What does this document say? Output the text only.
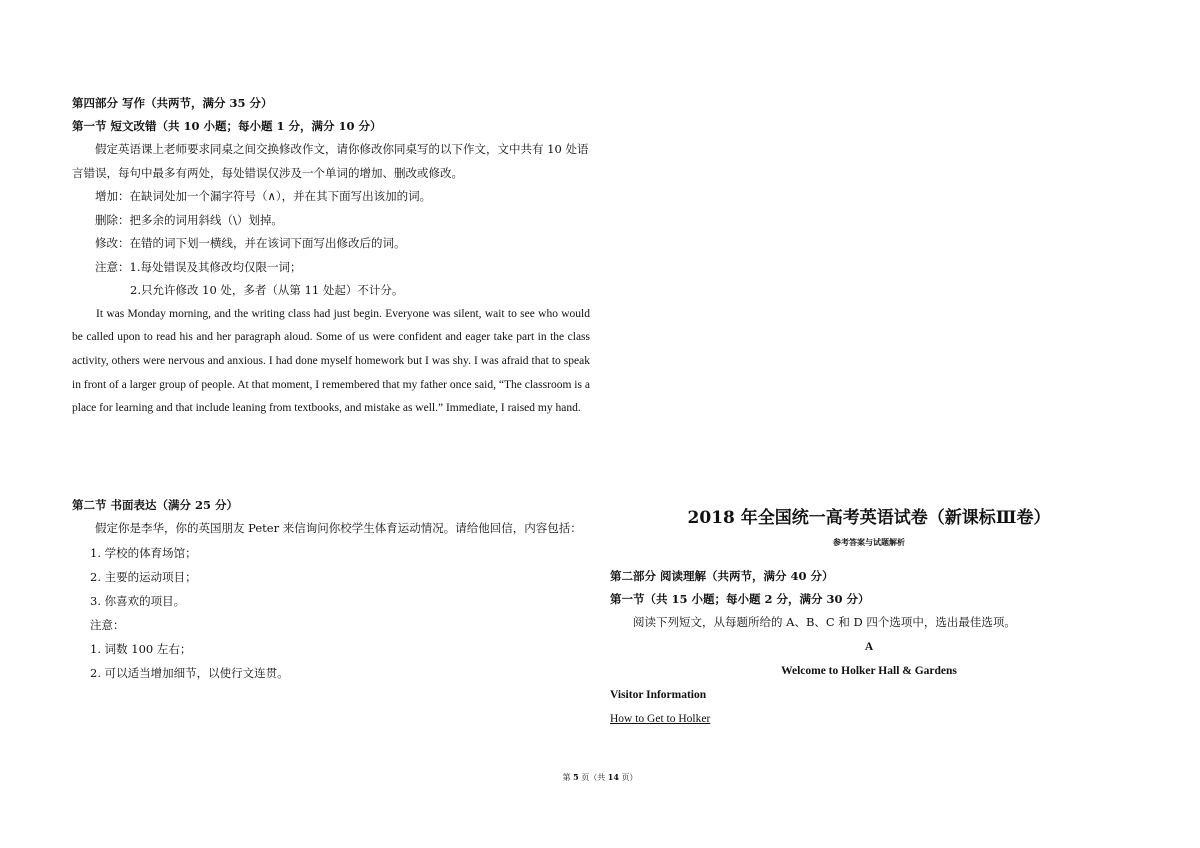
第四部分 写作（共两节，满分 35 分）
第一节 短文改错（共 10 小题；每小题 1 分，满分 10 分）
假定英语课上老师要求同桌之间交换修改作文，请你修改你同桌写的以下作文，文中共有 10 处语言错误，每句中最多有两处，每处错误仅涉及一个单词的增加、删改或修改。
增加：在缺词处加一个漏字符号（∧），并在其下面写出该加的词。
删除：把多余的词用斜线（\）划掉。
修改：在错的词下划一横线，并在该词下面写出修改后的词。
注意：1.每处错误及其修改均仅限一词；
2.只允许修改 10 处，多者（从第 11 处起）不计分。
It was Monday morning, and the writing class had just begin. Everyone was silent, wait to see who would be called upon to read his and her paragraph aloud. Some of us were confident and eager take part in the class activity, others were nervous and anxious. I had done myself homework but I was shy. I was afraid that to speak in front of a larger group of people. At that moment, I remembered that my father once said, “The classroom is a place for learning and that include leaning from textbooks, and mistake as well.” Immediate, I raised my hand.
第二节 书面表达（满分 25 分）
假定你是李华，你的英国朋友 Peter 来信询问你校学生体育运动情况。请给他回信，内容包括：
1. 学校的体育场馆；
2. 主要的运动项目；
3. 你喜欢的项目。
注意：
1. 词数 100 左右；
2. 可以适当增加细节，以使行文连贯。
2018 年全国统一高考英语试卷（新课标Ⅲ卷）
参考答案与试题解析
第二部分 阅读理解（共两节，满分 40 分）
第一节（共 15 小题；每小题 2 分，满分 30 分）
阅读下列短文，从每题所给的 A、B、C 和 D 四个选项中，选出最佳选项。
A
Welcome to Holker Hall & Gardens
Visitor Information
How to Get to Holker
第 5 页（共 14 页）
